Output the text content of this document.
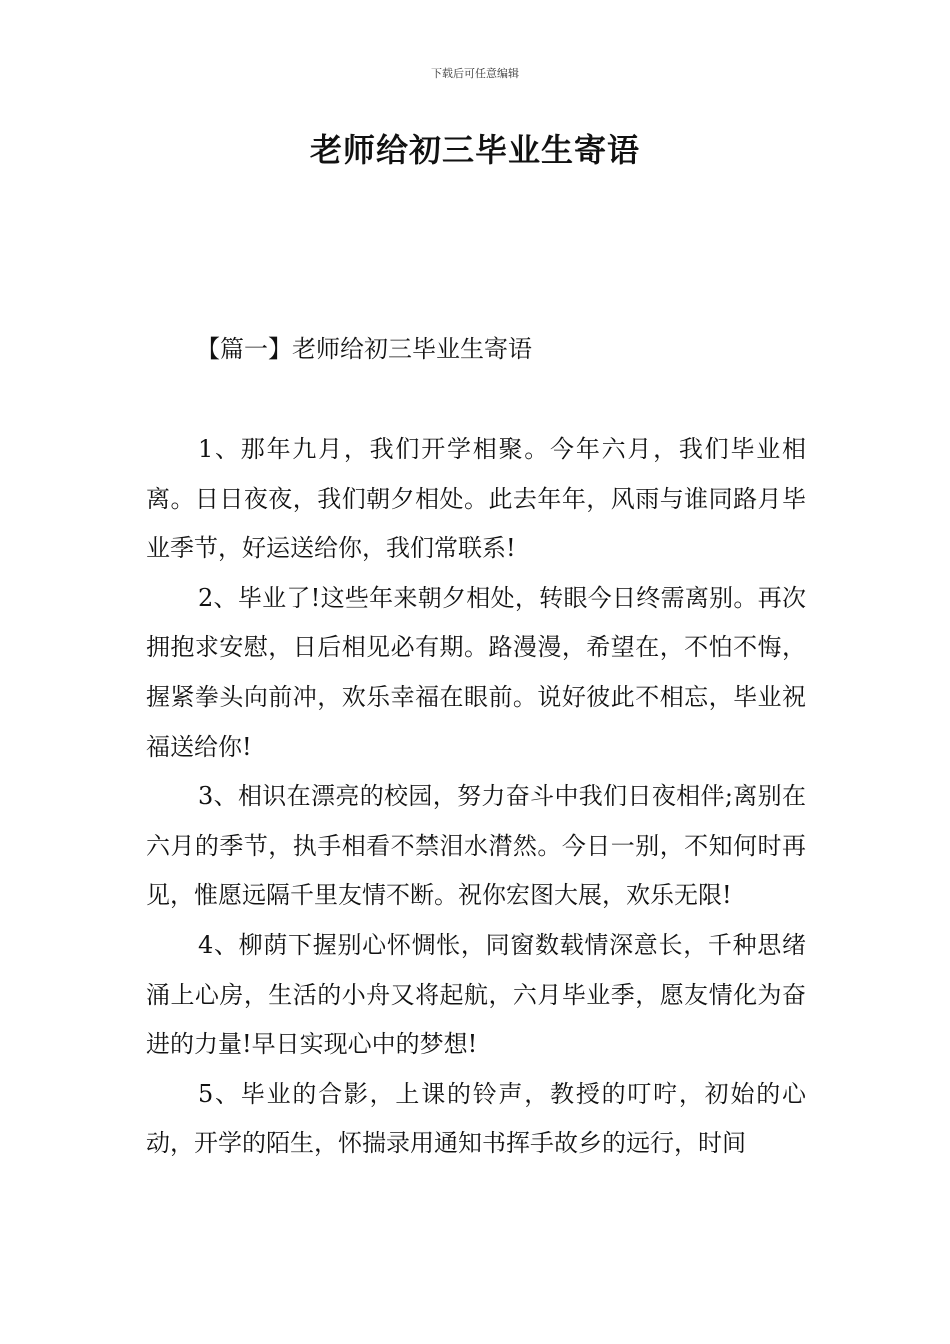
下载后可任意编辑
老师给初三毕业生寄语
【篇一】老师给初三毕业生寄语

1、那年九月，我们开学相聚。今年六月，我们毕业相离。日日夜夜，我们朝夕相处。此去年年，风雨与谁同路月毕业季节，好运送给你，我们常联系!

2、毕业了!这些年来朝夕相处，转眼今日终需离别。再次拥抱求安慰，日后相见必有期。路漫漫，希望在，不怕不悔，握紧拳头向前冲，欢乐幸福在眼前。说好彼此不相忘，毕业祝福送给你!

3、相识在漂亮的校园，努力奋斗中我们日夜相伴;离别在六月的季节，执手相看不禁泪水潸然。今日一别，不知何时再见，惟愿远隔千里友情不断。祝你宏图大展，欢乐无限!

4、柳荫下握别心怀惆怅，同窗数载情深意长，千种思绪涌上心房，生活的小舟又将起航，六月毕业季，愿友情化为奋进的力量!早日实现心中的梦想!

5、毕业的合影，上课的铃声，教授的叮咛，初始的心动，开学的陌生，怀揣录用通知书挥手故乡的远行，时间
